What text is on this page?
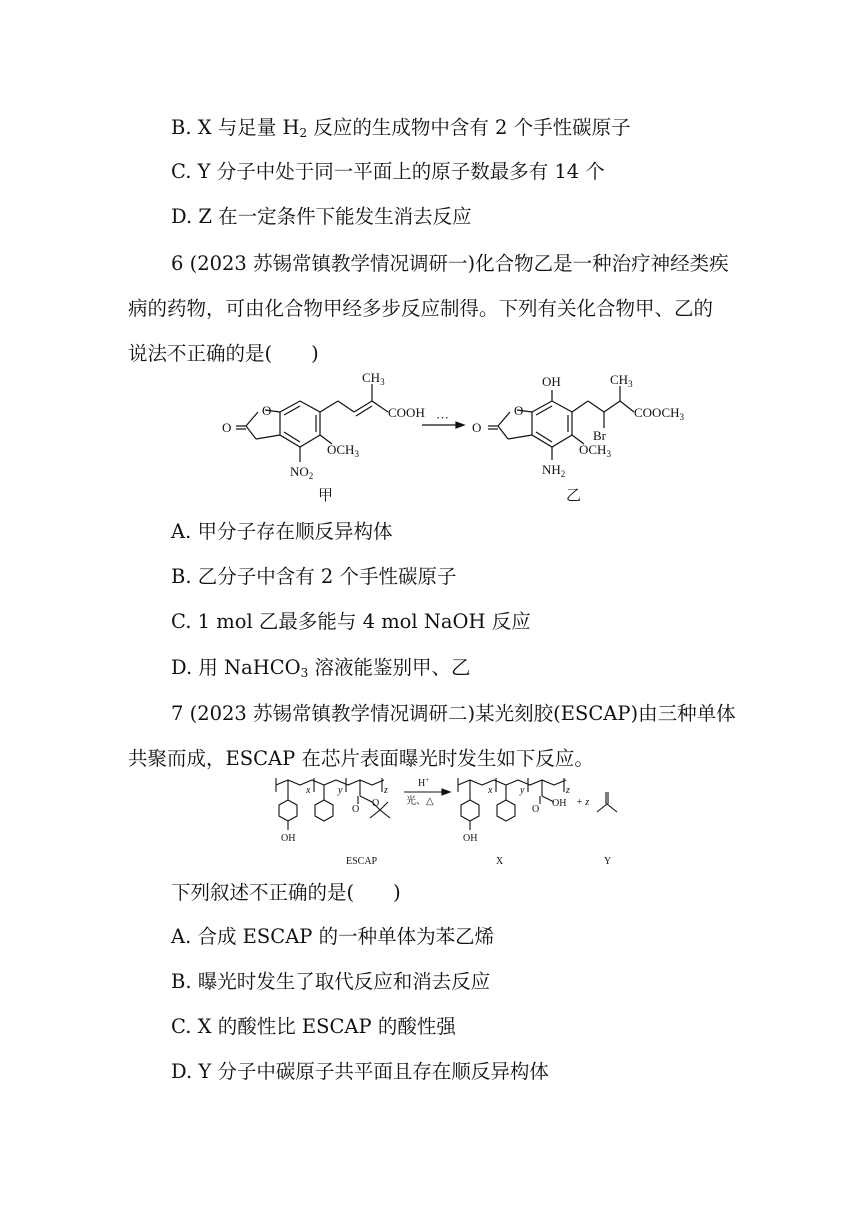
B. X 与足量 $H_2$ 反应的生成物中含有 2 个手性碳原子
C. Y 分子中处于同一平面上的原子数最多有 14 个
D. Z 在一定条件下能发生消去反应
6 (2023 苏锡常镇教学情况调研一)化合物乙是一种治疗神经类疾
病的药物，可由化合物甲经多步反应制得。下列有关化合物甲、乙的
说法不正确的是(　　)
O
O
$CH_3$
COOH
$OCH_3$
$NO_2$
···	O
O
OH	$CH_3$
Br
$COOCH_3$
$OCH_3$
$NH_2$
甲	乙
A. 甲分子存在顺反异构体
B. 乙分子中含有 2 个手性碳原子
C. 1 mol 乙最多能与 4 mol NaOH 反应
D. 用 NaHCO$_3$ 溶液能鉴别甲、乙
7 (2023 苏锡常镇教学情况调研二)某光刻胶(ESCAP)由三种单体
共聚而成，ESCAP 在芯片表面曝光时发生如下反应。
x	y	z
OH
O
O
H+
光、△
x	y	z
OH
O
OH + z
ESCAP	X	Y
下列叙述不正确的是(　　)
A. 合成 ESCAP 的一种单体为苯乙烯
B. 曝光时发生了取代反应和消去反应
C. X 的酸性比 ESCAP 的酸性强
D. Y 分子中碳原子共平面且存在顺反异构体
